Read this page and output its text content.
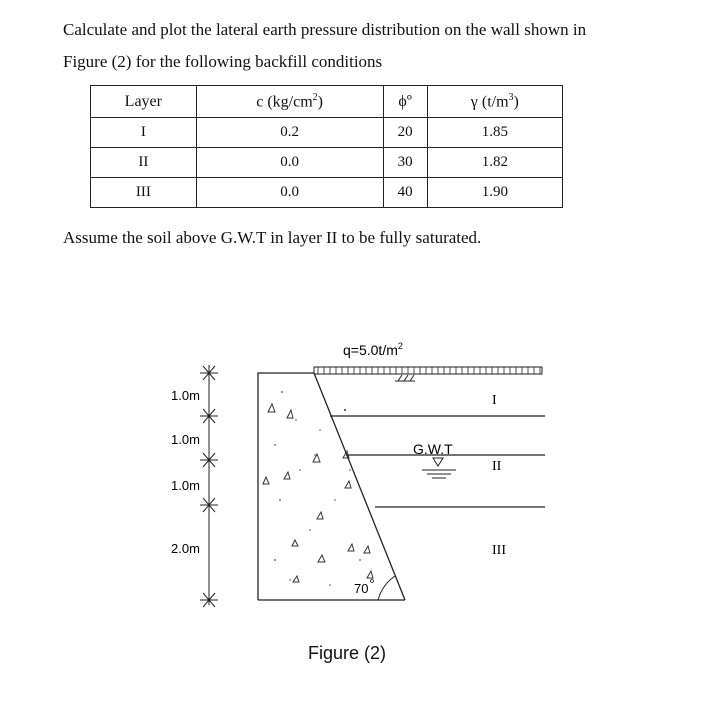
Calculate and plot the lateral earth pressure distribution on the wall shown in
Figure (2) for the following backfill conditions
Layer	c $(kg/cm^2)$	ϕº	γ $(t/m^3)$
I	0.2	20	1.85
II	0.0	30	1.82
III	0.0	40	1.90
Assume the soil above G.W.T in layer II to be fully saturated.
$q=5.0t/m^2$
G.W.T
I
II
III
70
1.0m
1.0m
1.0m
2.0m
Figure (2)
